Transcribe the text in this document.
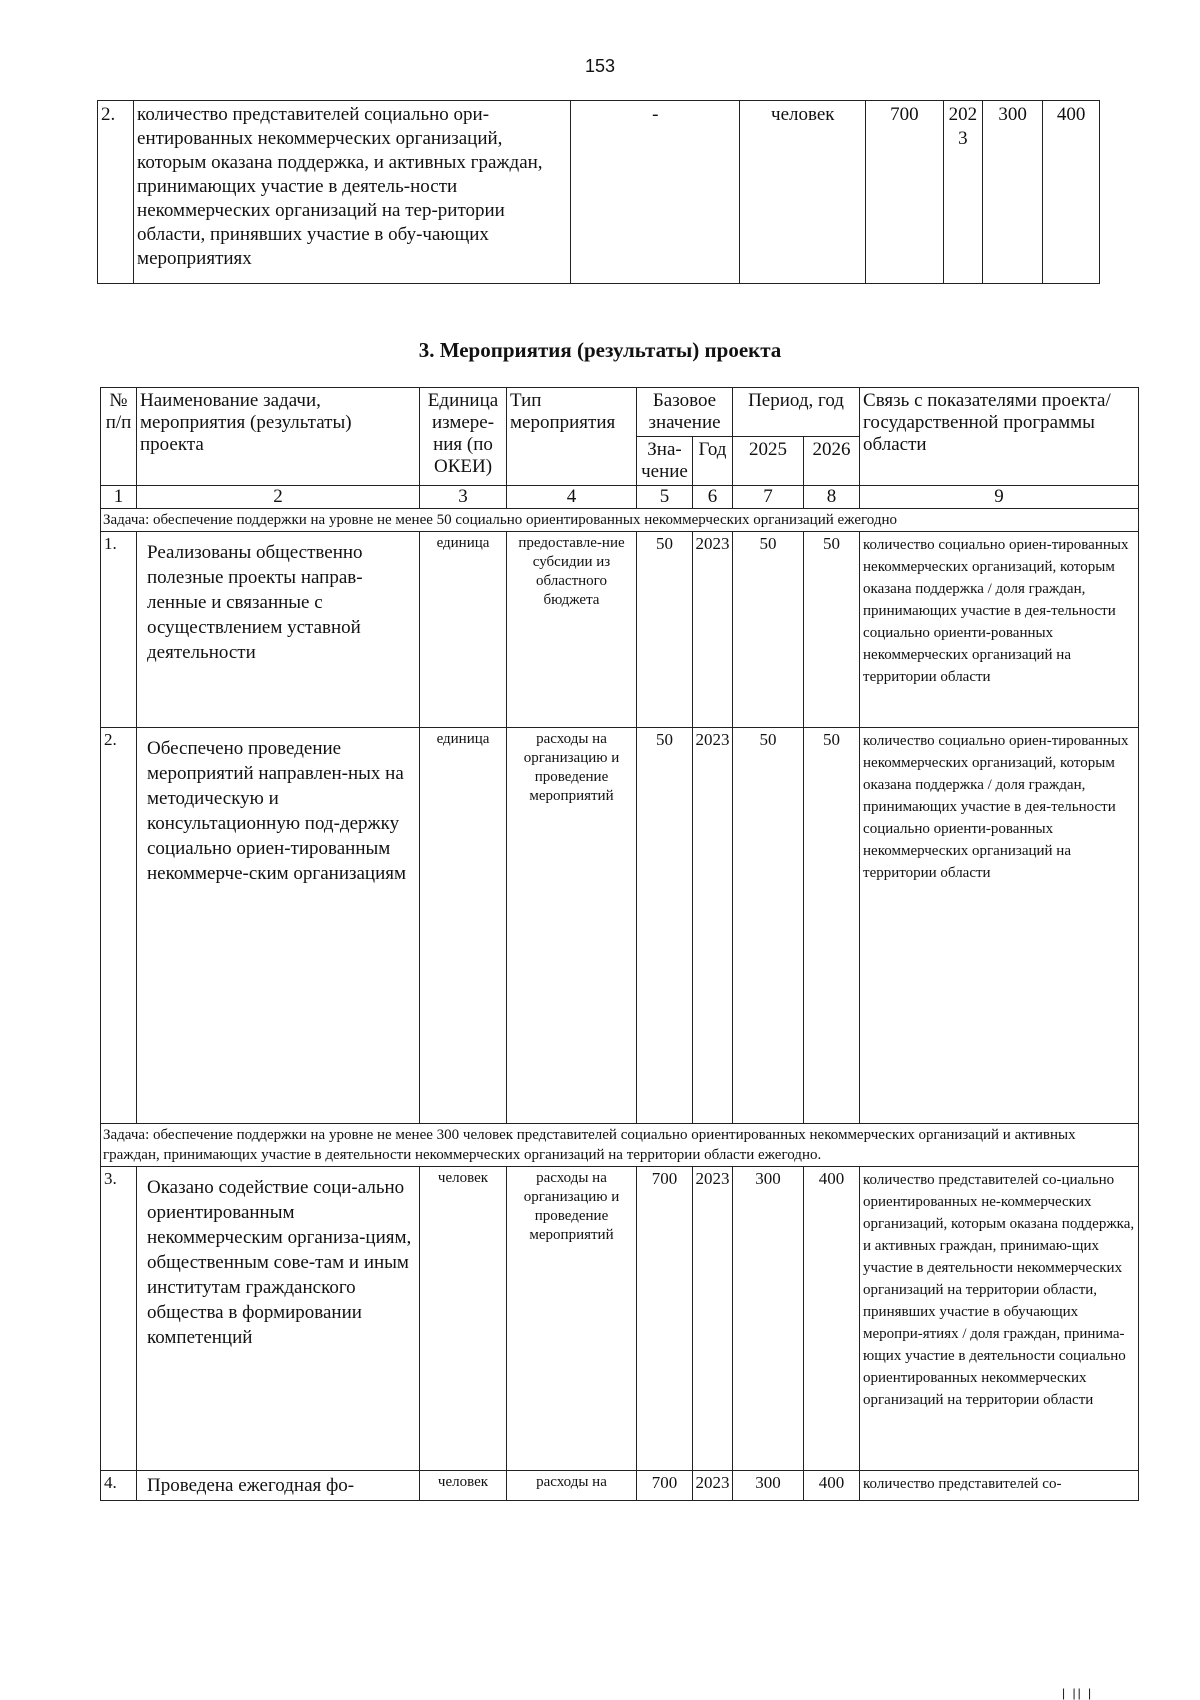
153
2.	количество представителей социально ори-ентированных некоммерческих организаций, которым оказана поддержка, и активных граждан, принимающих участие в деятель-ности некоммерческих организаций на тер-ритории области, принявших участие в обу-чающих мероприятиях	-	человек	700	202 3	300	400
3. Мероприятия (результаты) проекта
№ п/п	Наименование задачи, мероприятия (результаты) проекта	Единица измере-ния (по ОКЕИ)	Тип мероприятия	Базовое значение		Период, год		Связь с показателями проекта/государственной программы области
				Зна-чение	Год	2025	2026	

1	2	3	4	5	6	7	8	9
Задача: обеспечение поддержки на уровне не менее 50 социально ориентированных некоммерческих организаций ежегодно								
1.	Реализованы общественно полезные проекты направ-ленные и связанные с осуществлением уставной деятельности	единица	предоставле-ние субсидии из областного бюджета	50	2023	50	50	количество социально ориен-тированных некоммерческих организаций, которым оказана поддержка / доля граждан, принимающих участие в дея-тельности социально ориенти-рованных некоммерческих организаций на территории области
2.	Обеспечено проведение мероприятий направлен-ных на методическую и консультационную под-держку социально ориен-тированным некоммерче-ским организациям	единица	расходы на организацию и проведение мероприятий	50	2023	50	50	количество социально ориен-тированных некоммерческих организаций, которым оказана поддержка / доля граждан, принимающих участие в дея-тельности социально ориенти-рованных некоммерческих организаций на территории области
Задача: обеспечение поддержки на уровне не менее 300 человек представителей социально ориентированных некоммерческих организаций и активных граждан, принимающих участие в деятельности некоммерческих организаций на территории области ежегодно.								
3.	Оказано содействие соци-ально ориентированным некоммерческим организа-циям, общественным сове-там и иным институтам гражданского общества в формировании компетенций	человек	расходы на организацию и проведение мероприятий	700	2023	300	400	количество представителей со-циально ориентированных не-коммерческих организаций, которым оказана поддержка, и активных граждан, принимаю-щих участие в деятельности некоммерческих организаций на территории области, принявших участие в обучающих меропри-ятиях / доля граждан, принима-ющих участие в деятельности социально ориентированных некоммерческих организаций на территории области
4.	Проведена ежегодная фо-	человек	расходы на	700	2023	300	400	количество представителей со-
| || |
